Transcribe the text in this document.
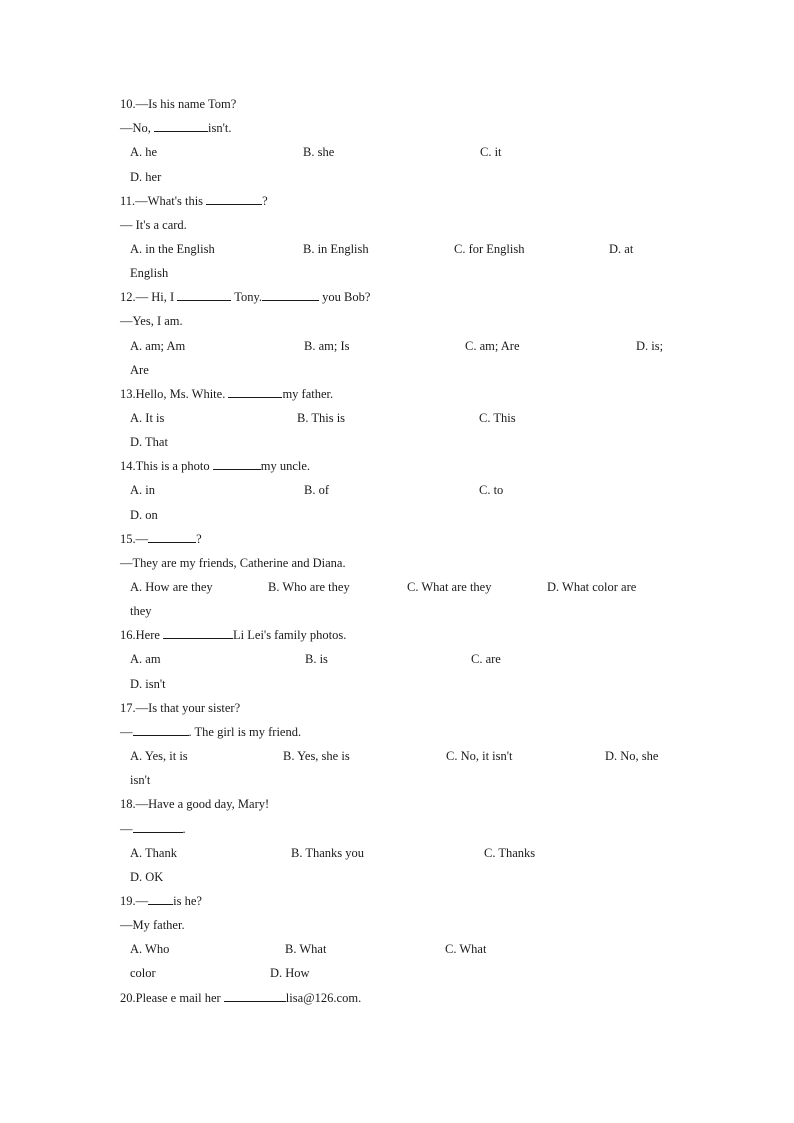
10.—Is his name Tom?
—No,	isn't.
A. he	B. she	C. it
D. her
11.—What's this	?
— It's a card.
A. in the English	B. in English	C. for English	D. at
English
12.— Hi, I	Tony.	you Bob?
—Yes, I am.
A. am; Am	B. am; Is	C. am; Are	D. is;
Are
13.Hello, Ms. White.	my father.
A. It is	B. This is	C. This
D. That
14.This is a photo	my uncle.
A. in	B. of	C. to
D. on
15.—	?
—They are my friends, Catherine and Diana.
A. How are they	B. Who are they	C. What are they	D. What color are
they
16.Here	Li Lei's family photos.
A. am	B. is	C. are
D. isn't
17.—Is that your sister?
—	. The girl is my friend.
A. Yes, it is	B. Yes, she is	C. No, it isn't	D. No, she
isn't
18.—Have a good day, Mary!
—	.
A. Thank	B. Thanks you	C. Thanks
D. OK
19.— is he?
—My father.
A. Who	B. What	C. What
color	D. How
20.Please e mail her	lisa@126.com.
